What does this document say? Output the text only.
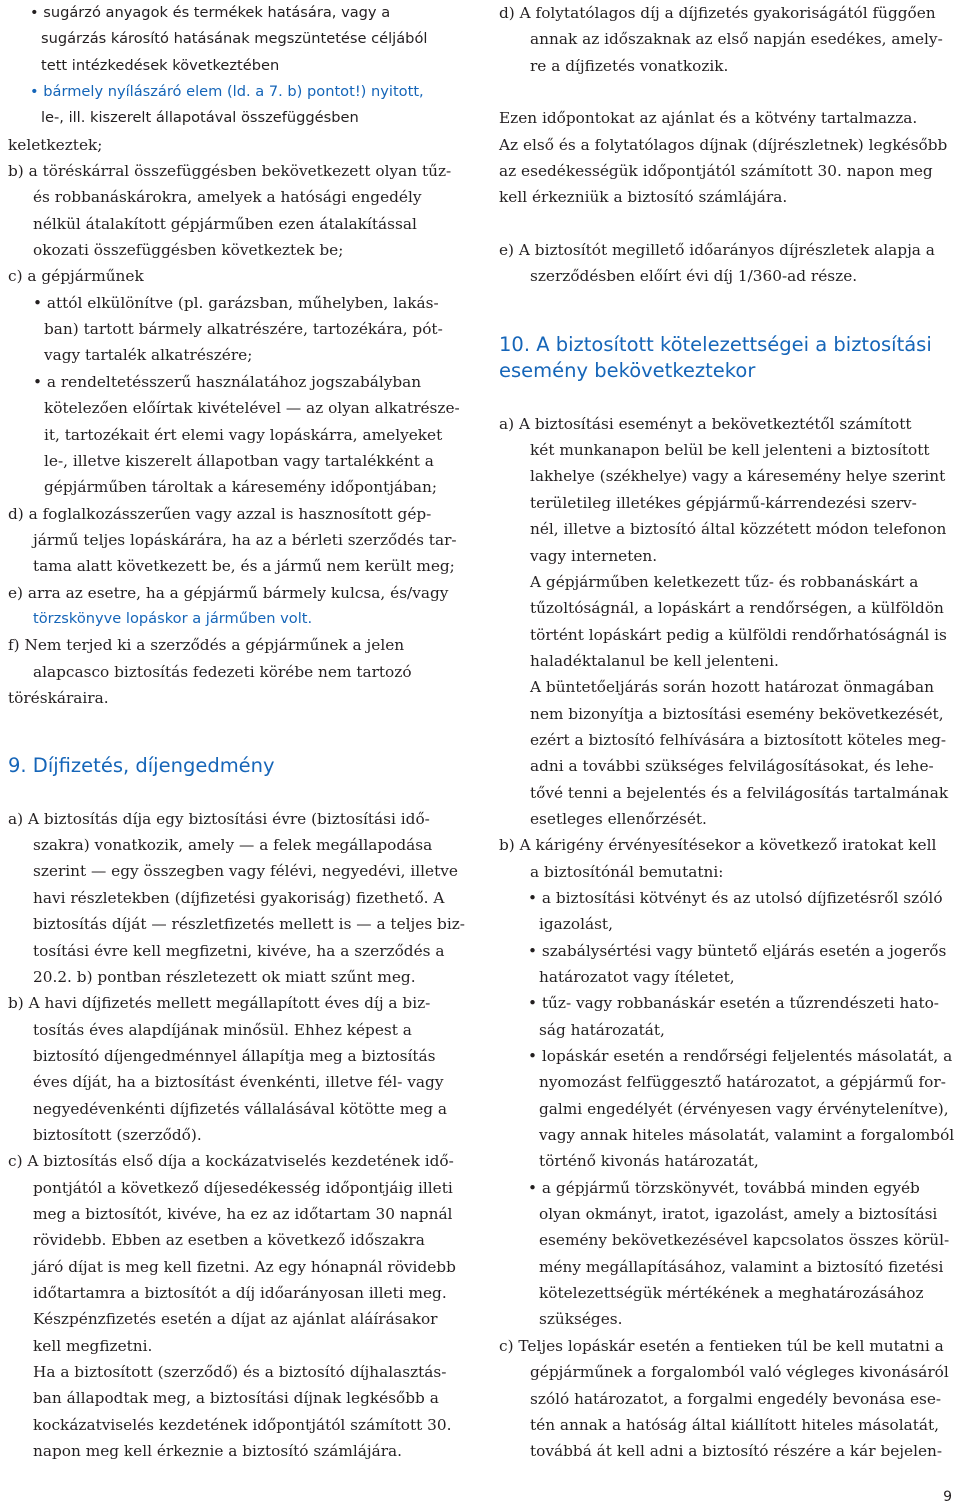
• sugárzó anyagok és termékek hatására, vagy a
sugárzás károsító hatásának megszüntetése céljából
tett intézkedések következtében
• bármely nyílászáró elem (ld. a 7. b) pontot!) nyitott,
le-, ill. kiszerelt állapotával összefüggésben
keletkeztek;
b) a töréskárral összefüggésben bekövetkezett olyan tűz-
és robbanáskárokra, amelyek a hatósági engedély
nélkül átalakított gépjárműben ezen átalakítással
okozati összefüggésben következtek be;
c) a gépjárműnek
• attól elkülönítve (pl. garázsban, műhelyben, lakás-
ban) tartott bármely alkatrészére, tartozékára, pót-
vagy tartalék alkatrészére;
• a rendeltetésszerű használatához jogszabályban
kötelezően előírtak kivételével — az olyan alkatrésze-
it, tartozékait ért elemi vagy lopáskárra, amelyeket
le-, illetve kiszerelt állapotban vagy tartalékként a
gépjárműben tároltak a káresemény időpontjában;
d) a foglalkozásszerűen vagy azzal is hasznosított gép-
jármű teljes lopáskárára, ha az a bérleti szerződés tar-
tama alatt következett be, és a jármű nem került meg;
e) arra az esetre, ha a gépjármű bármely kulcsa, és/vagy
törzskönyve lopáskor a járműben volt.
f) Nem terjed ki a szerződés a gépjárműnek a jelen
alapcasco biztosítás fedezeti körébe nem tartozó
töréskáraira.
9. Díjfizetés, díjengedmény
a) A biztosítás díja egy biztosítási évre (biztosítási idő-
szakra) vonatkozik, amely — a felek megállapodása
szerint — egy összegben vagy félévi, negyedévi, illetve
havi részletekben (díjfizetési gyakoriság) fizethető. A
biztosítás díját — részletfizetés mellett is — a teljes biz-
tosítási évre kell megfizetni, kivéve, ha a szerződés a
20.2. b) pontban részletezett ok miatt szűnt meg.
b) A havi díjfizetés mellett megállapított éves díj a biz-
tosítás éves alapdíjának minősül. Ehhez képest a
biztosító díjengedménnyel állapítja meg a biztosítás
éves díját, ha a biztosítást évenkénti, illetve fél- vagy
negyedévenkénti díjfizetés vállalásával kötötte meg a
biztosított (szerződő).
c) A biztosítás első díja a kockázatviselés kezdetének idő-
pontjától a következő díjesedékesség időpontjáig illeti
meg a biztosítót, kivéve, ha ez az időtartam 30 napnál
rövidebb. Ebben az esetben a következő időszakra
járó díjat is meg kell fizetni. Az egy hónapnál rövidebb
időtartamra a biztosítót a díj időarányosan illeti meg.
Készpénzfizetés esetén a díjat az ajánlat aláírásakor
kell megfizetni.
Ha a biztosított (szerződő) és a biztosító díjhalasztás-
ban állapodtak meg, a biztosítási díjnak legkésőbb a
kockázatviselés kezdetének időpontjától számított 30.
napon meg kell érkeznie a biztosító számlájára.
d) A folytatólagos díj a díjfizetés gyakoriságától függően
annak az időszaknak az első napján esedékes, amely-
re a díjfizetés vonatkozik.
Ezen időpontokat az ajánlat és a kötvény tartalmazza.
Az első és a folytatólagos díjnak (díjrészletnek) legkésőbb
az esedékességük időpontjától számított 30. napon meg
kell érkezniük a biztosító számlájára.
e) A biztosítót megillető időarányos díjrészletek alapja a
szerződésben előírt évi díj 1/360-ad része.
10. A biztosított kötelezettségei a biztosítási
esemény bekövetkeztekor
a) A biztosítási eseményt a bekövetkeztétől számított
két munkanapon belül be kell jelenteni a biztosított
lakhelye (székhelye) vagy a káresemény helye szerint
területileg illetékes gépjármű-kárrendezési szerv-
nél, illetve a biztosító által közzétett módon telefonon
vagy interneten.
A gépjárműben keletkezett tűz- és robbanáskárt a
tűzoltóságnál, a lopáskárt a rendőrségen, a külföldön
történt lopáskárt pedig a külföldi rendőrhatóságnál is
haladéktalanul be kell jelenteni.
A büntetőeljárás során hozott határozat önmagában
nem bizonyítja a biztosítási esemény bekövetkezését,
ezért a biztosító felhívására a biztosított köteles meg-
adni a további szükséges felvilágosításokat, és lehe-
tővé tenni a bejelentés és a felvilágosítás tartalmának
esetleges ellenőrzését.
b) A kárigény érvényesítésekor a következő iratokat kell
a biztosítónál bemutatni:
• a biztosítási kötvényt és az utolsó díjfizetésről szóló
igazolást,
• szabálysértési vagy büntető eljárás esetén a jogerős
határozatot vagy ítéletet,
• tűz- vagy robbanáskár esetén a tűzrendészeti hato-
ság határozatát,
• lopáskár esetén a rendőrségi feljelentés másolatát, a
nyomozást felfüggesztő határozatot, a gépjármű for-
galmi engedélyét (érvényesen vagy érvénytelenítve),
vagy annak hiteles másolatát, valamint a forgalomból
történő kivonás határozatát,
• a gépjármű törzskönyvét, továbbá minden egyéb
olyan okmányt, iratot, igazolást, amely a biztosítási
esemény bekövetkezésével kapcsolatos összes körül-
mény megállapításához, valamint a biztosító fizetési
kötelezettségük mértékének a meghatározásához
szükséges.
c) Teljes lopáskár esetén a fentieken túl be kell mutatni a
gépjárműnek a forgalomból való végleges kivonásáról
szóló határozatot, a forgalmi engedély bevonása ese-
tén annak a hatóság által kiállított hiteles másolatát,
továbbá át kell adni a biztosító részére a kár bejelen-
9
